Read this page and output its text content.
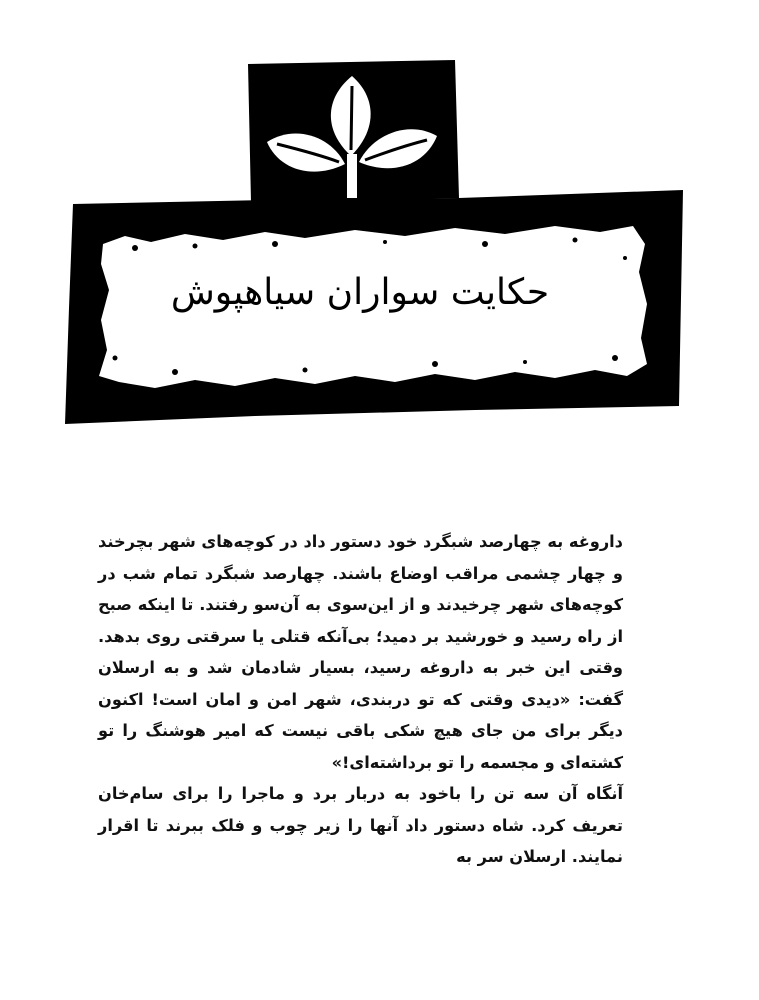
حکایت سواران سیاهپوش

داروغه به چهارصد شبگرد خود دستور داد در کوچه‌های شهر بچرخند و چهار چشمی مراقب اوضاع باشند. چهارصد شبگرد تمام شب در کوچه‌های شهر چرخیدند و از این‌سوی به آن‌سو رفتند. تا اینکه صبح از راه رسید و خورشید بر دمید؛ بی‌آنکه قتلی یا سرقتی روی بدهد. وقتی این خبر به داروغه رسید، بسیار شادمان شد و به ارسلان گفت: «دیدی وقتی که تو دربندی، شهر امن و امان است! اکنون دیگر برای من جای هیچ شکی باقی نیست که امیر هوشنگ را تو کشته‌ای و مجسمه را تو برداشته‌ای!»

آنگاه آن سه تن را باخود به دربار برد و ماجرا را برای سام‌خان تعریف کرد. شاه دستور داد آنها را زیر چوب و فلک ببرند تا اقرار نمایند. ارسلان سر به
